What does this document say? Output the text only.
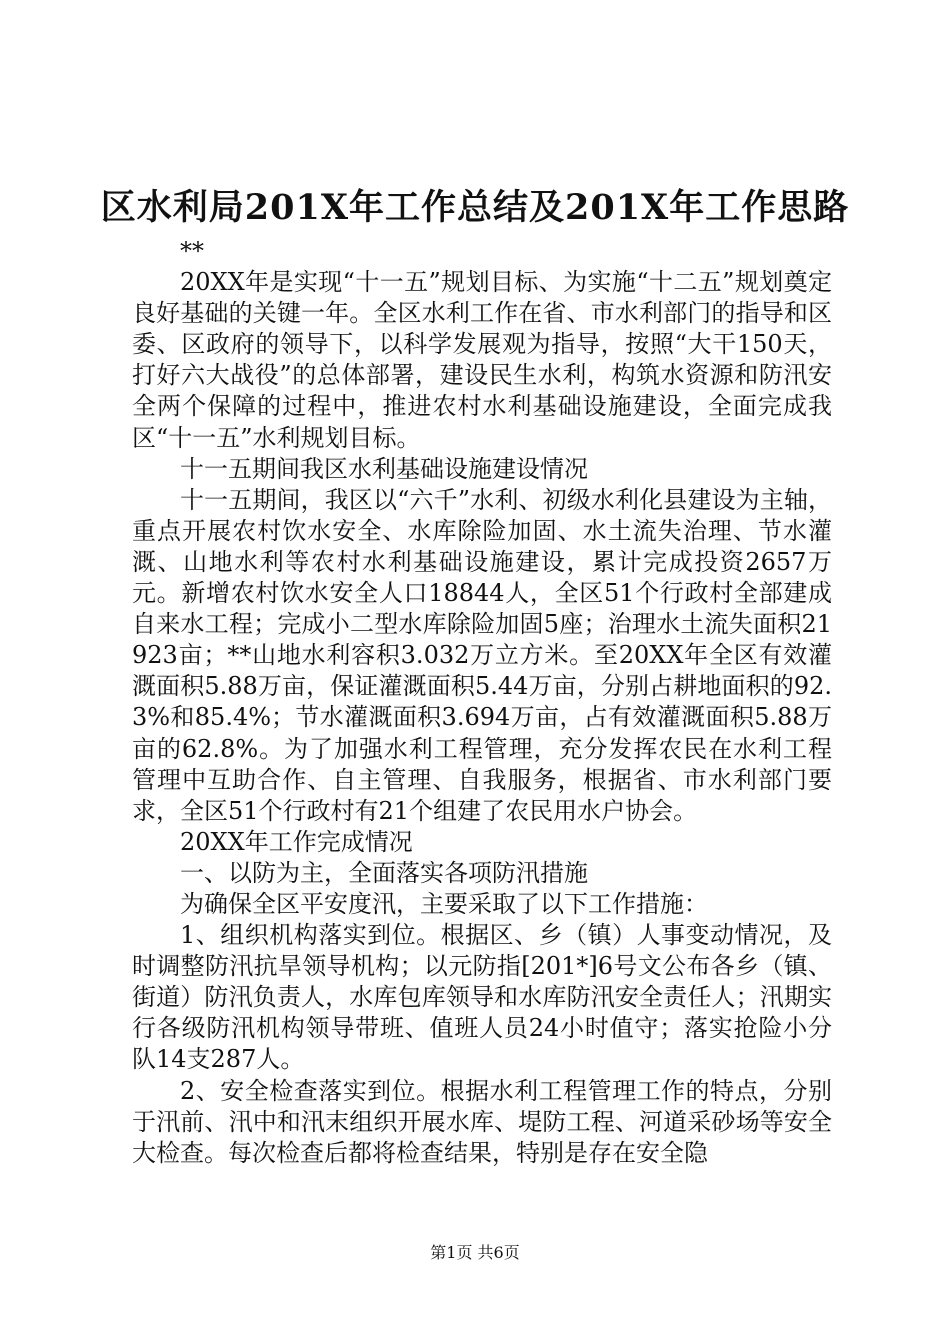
区水利局201X年工作总结及201X年工作思路

**

20XX年是实现“十一五”规划目标、为实施“十二五”规划奠定良好基础的关键一年。全区水利工作在省、市水利部门的指导和区委、区政府的领导下，以科学发展观为指导，按照“大干150天，打好六大战役”的总体部署，建设民生水利，构筑水资源和防汛安全两个保障的过程中，推进农村水利基础设施建设，全面完成我区“十一五”水利规划目标。

十一五期间我区水利基础设施建设情况

十一五期间，我区以“六千”水利、初级水利化县建设为主轴，重点开展农村饮水安全、水库除险加固、水土流失治理、节水灌溉、山地水利等农村水利基础设施建设，累计完成投资2657万元。新增农村饮水安全人口18844人，全区51个行政村全部建成自来水工程；完成小二型水库除险加固5座；治理水土流失面积21923亩；**山地水利容积3.032万立方米。至20XX年全区有效灌溉面积5.88万亩，保证灌溉面积5.44万亩，分别占耕地面积的92.3%和85.4%；节水灌溉面积3.694万亩，占有效灌溉面积5.88万亩的62.8%。为了加强水利工程管理，充分发挥农民在水利工程管理中互助合作、自主管理、自我服务，根据省、市水利部门要求，全区51个行政村有21个组建了农民用水户协会。

20XX年工作完成情况

一、以防为主，全面落实各项防汛措施

为确保全区平安度汛，主要采取了以下工作措施：

1、组织机构落实到位。根据区、乡（镇）人事变动情况，及时调整防汛抗旱领导机构；以元防指[201*]6号文公布各乡（镇、街道）防汛负责人，水库包库领导和水库防汛安全责任人；汛期实行各级防汛机构领导带班、值班人员24小时值守；落实抢险小分队14支287人。

2、安全检查落实到位。根据水利工程管理工作的特点，分别于汛前、汛中和汛末组织开展水库、堤防工程、河道采砂场等安全大检查。每次检查后都将检查结果，特别是存在安全隐

第1页 共6页
